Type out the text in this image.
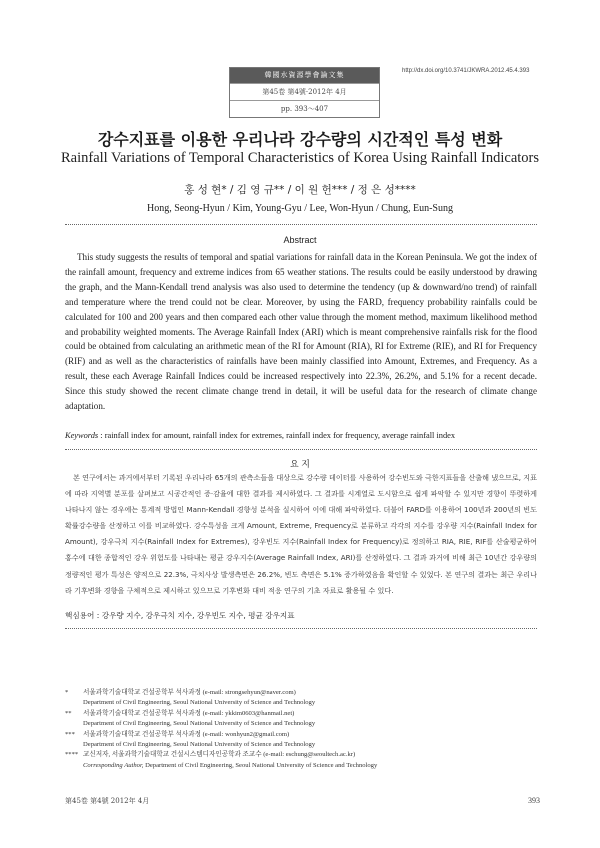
韓國水資源學會論文集
第45卷 第4號·2012年 4月
pp. 393～407
http://dx.doi.org/10.3741/JKWRA.2012.45.4.393
강수지표를 이용한 우리나라 강수량의 시간적인 특성 변화
Rainfall Variations of Temporal Characteristics of Korea Using Rainfall Indicators
홍 성 현* / 김 영 규** / 이 원 헌*** / 정 은 성****
Hong, Seong-Hyun / Kim, Young-Gyu / Lee, Won-Hyun / Chung, Eun-Sung
Abstract
This study suggests the results of temporal and spatial variations for rainfall data in the Korean Peninsula. We got the index of the rainfall amount, frequency and extreme indices from 65 weather stations. The results could be easily understood by drawing the graph, and the Mann-Kendall trend analysis was also used to determine the tendency (up & downward/no trend) of rainfall and temperature where the trend could not be clear. Moreover, by using the FARD, frequency probability rainfalls could be calculated for 100 and 200 years and then compared each other value through the moment method, maximum likelihood method and probability weighted moments. The Average Rainfall Index (ARI) which is meant comprehensive rainfalls risk for the flood could be obtained from calculating an arithmetic mean of the RI for Amount (RIA), RI for Extreme (RIE), and RI for Frequency (RIF) and as well as the characteristics of rainfalls have been mainly classified into Amount, Extremes, and Frequency. As a result, these each Average Rainfall Indices could be increased respectively into 22.3%, 26.2%, and 5.1% for a recent decade. Since this study showed the recent climate change trend in detail, it will be useful data for the research of climate change adaptation.
Keywords : rainfall index for amount, rainfall index for extremes, rainfall index for frequency, average rainfall index
요 지
본 연구에서는 과거에서부터 기록된 우리나라 65개의 관측소들을 대상으로 강수량 데이터를 사용하여 강수빈도와 극한지표들을 산출해 냈으므로, 지표에 따라 지역별 분포를 살펴보고 시공간적인 증·감율에 대한 결과를 제시하였다. 그 결과를 시계열로 도시함으로 쉽게 파악할 수 있지만 경향이 뚜렷하게 나타나지 않는 경우에는 통계적 방법인 Mann-Kendall 경향성 분석을 실시하여 이에 대해 파악하였다. 더불어 FARD를 이용하여 100년과 200년의 빈도확률강수량을 산정하고 이를 비교하였다. 강수특성을 크게 Amount, Extreme, Frequency로 분류하고 각각의 지수를 강우량 지수(Rainfall Index for Amount), 강우극치 지수(Rainfall Index for Extremes), 강우빈도 지수(Rainfall Index for Frequency)로 정의하고 RIA, RIE, RIF를 산술평균하여 홍수에 대한 종합적인 강우 위험도를 나타내는 평균 강우지수(Average Rainfall Index, ARI)를 산정하였다. 그 결과 과거에 비해 최근 10년간 강우량의 정량적인 평가 특성은 양적으로 22.3%, 극치사상 발생측면은 26.2%, 빈도 측면은 5.1% 증가하였음을 확인할 수 있었다. 본 연구의 결과는 최근 우리나라 기후변화 경향을 구체적으로 제시하고 있으므로 기후변화 대비 적응 연구의 기초 자료로 활용될 수 있다.
핵심용어 : 강우량 지수, 강우극치 지수, 강우빈도 지수, 평균 강우지표
* 서울과학기술대학교 건설공학부 석사과정 (e-mail: strongsehyun@naver.com)
Department of Civil Engineering, Seoul National University of Science and Technology
** 서울과학기술대학교 건설공학부 석사과정 (e-mail: ykkim0603@hanmail.net)
Department of Civil Engineering, Seoul National University of Science and Technology
*** 서울과학기술대학교 건설공학부 석사과정 (e-mail: wonhyun2@gmail.com)
Department of Civil Engineering, Seoul National University of Science and Technology
**** 교신저자, 서울과학기술대학교 건설시스템디자인공학과 조교수 (e-mail: eschung@seoultech.ac.kr)
Corresponding Author, Department of Civil Engineering, Seoul National University of Science and Technology
第45卷 第4號 2012年 4月	393
